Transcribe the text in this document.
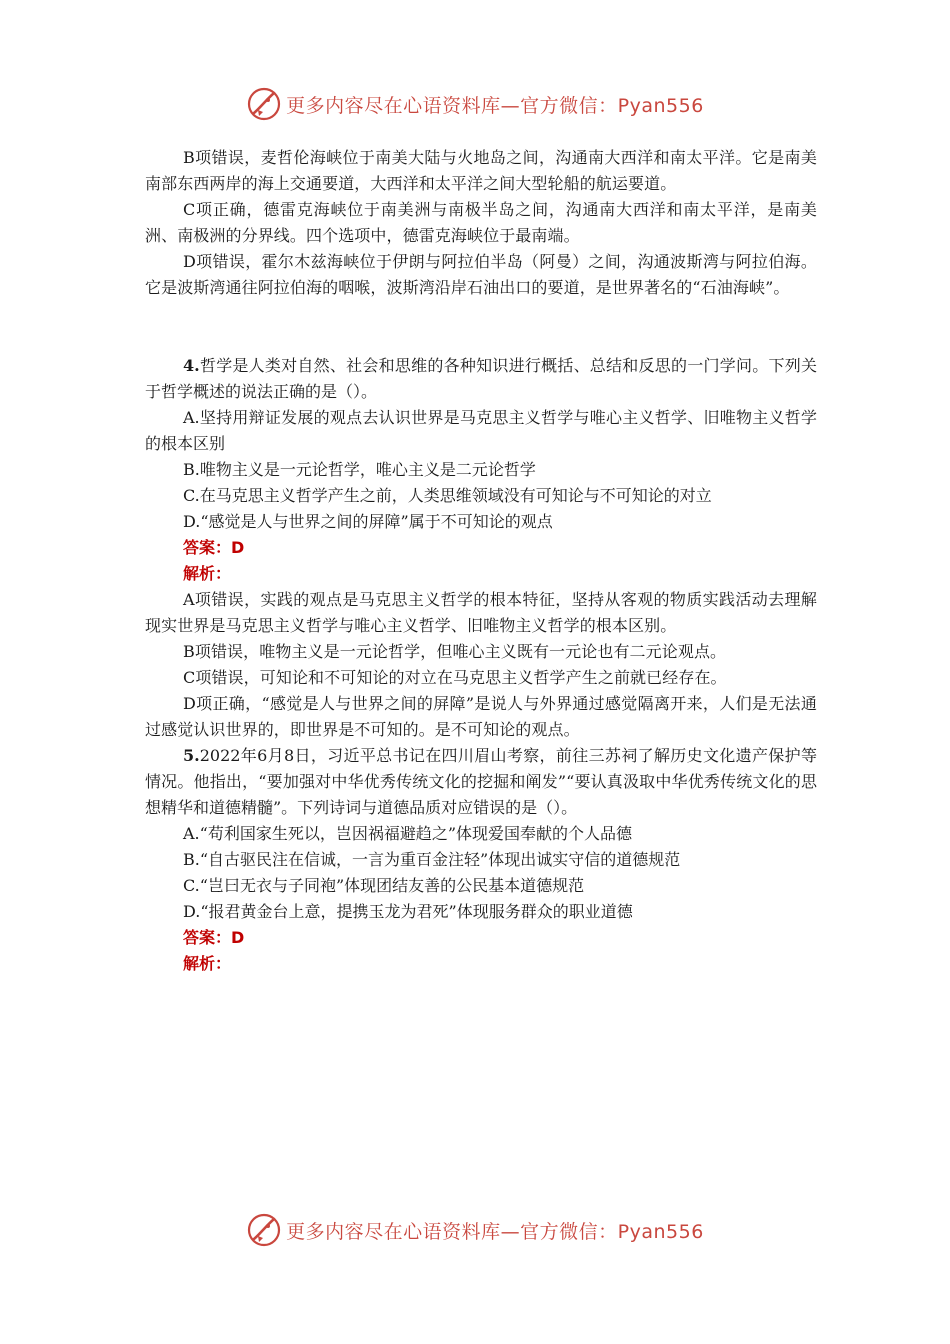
更多内容尽在心语资料库—官方微信：Pyan556

B项错误，麦哲伦海峡位于南美大陆与火地岛之间，沟通南大西洋和南太平洋。它是南美南部东西两岸的海上交通要道，大西洋和太平洋之间大型轮船的航运要道。

C项正确，德雷克海峡位于南美洲与南极半岛之间，沟通南大西洋和南太平洋，是南美洲、南极洲的分界线。四个选项中，德雷克海峡位于最南端。

D项错误，霍尔木兹海峡位于伊朗与阿拉伯半岛（阿曼）之间，沟通波斯湾与阿拉伯海。它是波斯湾通往阿拉伯海的咽喉，波斯湾沿岸石油出口的要道，是世界著名的“石油海峡”。

4.哲学是人类对自然、社会和思维的各种知识进行概括、总结和反思的一门学问。下列关于哲学概述的说法正确的是（）。

A.坚持用辩证发展的观点去认识世界是马克思主义哲学与唯心主义哲学、旧唯物主义哲学的根本区别

B.唯物主义是一元论哲学，唯心主义是二元论哲学

C.在马克思主义哲学产生之前，人类思维领域没有可知论与不可知论的对立

D.“感觉是人与世界之间的屏障”属于不可知论的观点

答案：D

解析：

A项错误，实践的观点是马克思主义哲学的根本特征，坚持从客观的物质实践活动去理解现实世界是马克思主义哲学与唯心主义哲学、旧唯物主义哲学的根本区别。

B项错误，唯物主义是一元论哲学，但唯心主义既有一元论也有二元论观点。

C项错误，可知论和不可知论的对立在马克思主义哲学产生之前就已经存在。

D项正确，“感觉是人与世界之间的屏障”是说人与外界通过感觉隔离开来，人们是无法通过感觉认识世界的，即世界是不可知的。是不可知论的观点。

5.2022年6月8日，习近平总书记在四川眉山考察，前往三苏祠了解历史文化遗产保护等情况。他指出，“要加强对中华优秀传统文化的挖掘和阐发”“要认真汲取中华优秀传统文化的思想精华和道德精髓”。下列诗词与道德品质对应错误的是（）。

A.“苟利国家生死以，岂因祸福避趋之”体现爱国奉献的个人品德

B.“自古驱民注在信诚，一言为重百金注轻”体现出诚实守信的道德规范

C.“岂曰无衣与子同袍”体现团结友善的公民基本道德规范

D.“报君黄金台上意，提携玉龙为君死”体现服务群众的职业道德

答案：D

解析：

更多内容尽在心语资料库—官方微信：Pyan556
